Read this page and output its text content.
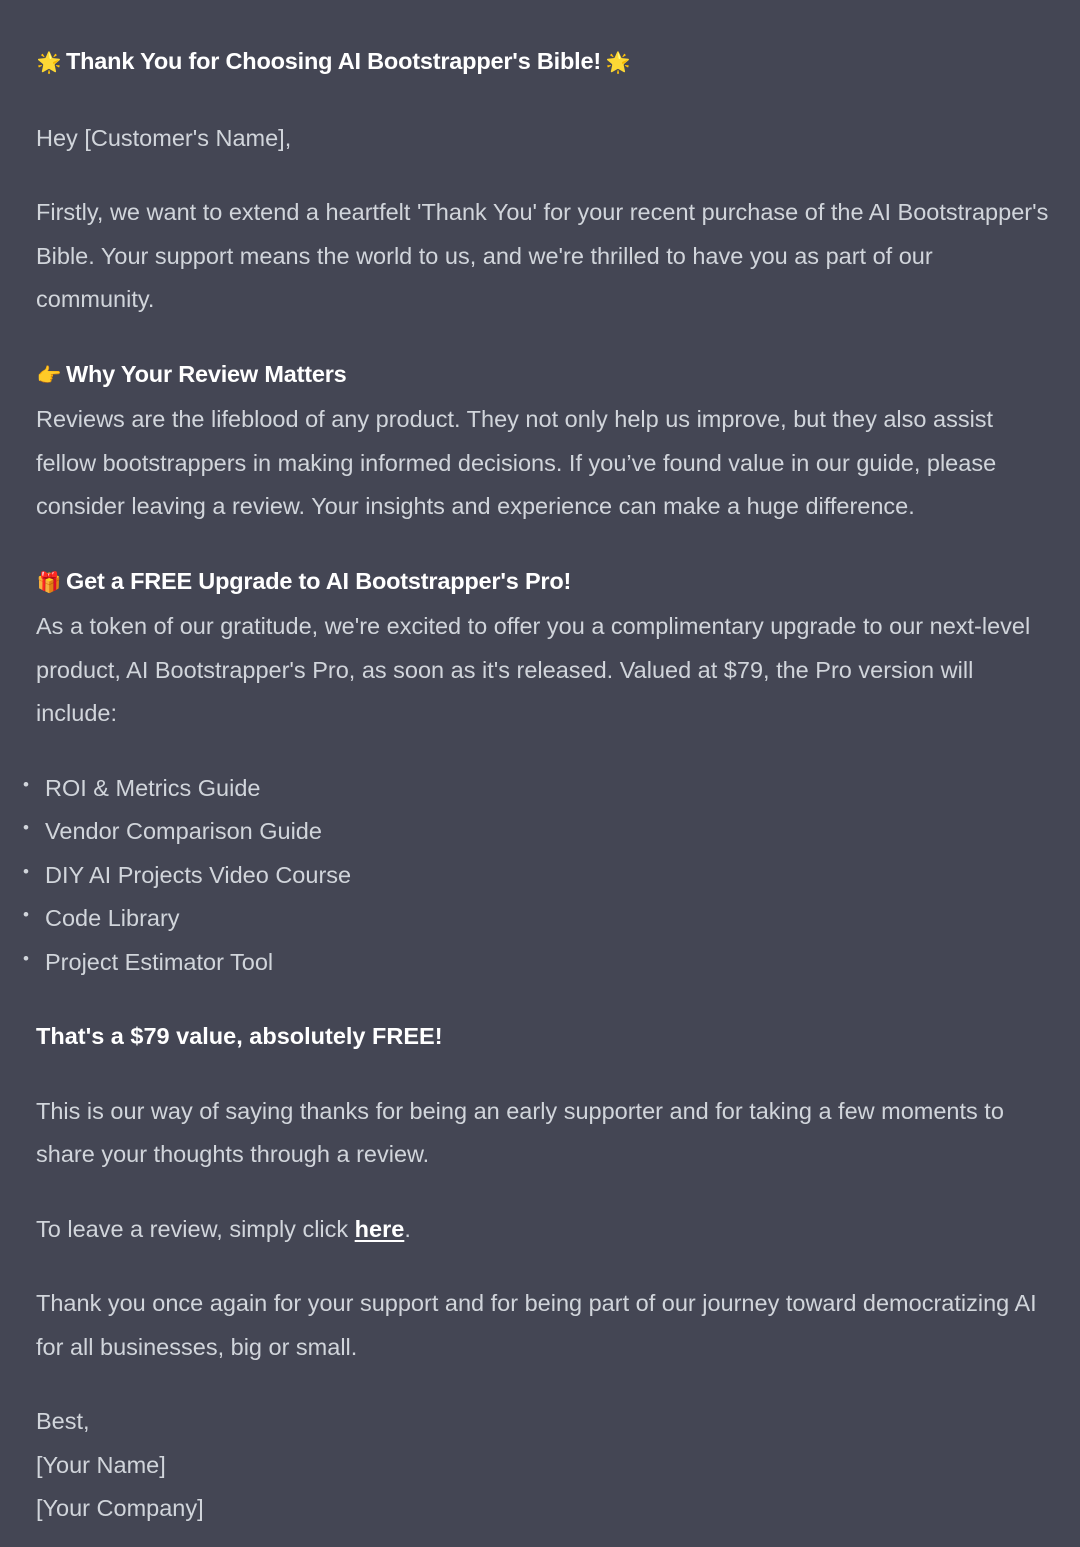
🌟 Thank You for Choosing AI Bootstrapper's Bible! 🌟

Hey [Customer's Name],

Firstly, we want to extend a heartfelt 'Thank You' for your recent purchase of the AI Bootstrapper's Bible. Your support means the world to us, and we're thrilled to have you as part of our community.

👉 Why Your Review Matters

Reviews are the lifeblood of any product. They not only help us improve, but they also assist fellow bootstrappers in making informed decisions. If you’ve found value in our guide, please consider leaving a review. Your insights and experience can make a huge difference.

🎁 Get a FREE Upgrade to AI Bootstrapper's Pro!

As a token of our gratitude, we're excited to offer you a complimentary upgrade to our next-level product, AI Bootstrapper's Pro, as soon as it's released. Valued at $79, the Pro version will include:

• ROI & Metrics Guide
• Vendor Comparison Guide
• DIY AI Projects Video Course
• Code Library
• Project Estimator Tool

That's a $79 value, absolutely FREE!

This is our way of saying thanks for being an early supporter and for taking a few moments to share your thoughts through a review.

To leave a review, simply click here.

Thank you once again for your support and for being part of our journey toward democratizing AI for all businesses, big or small.

Best,

[Your Name]

[Your Company]
